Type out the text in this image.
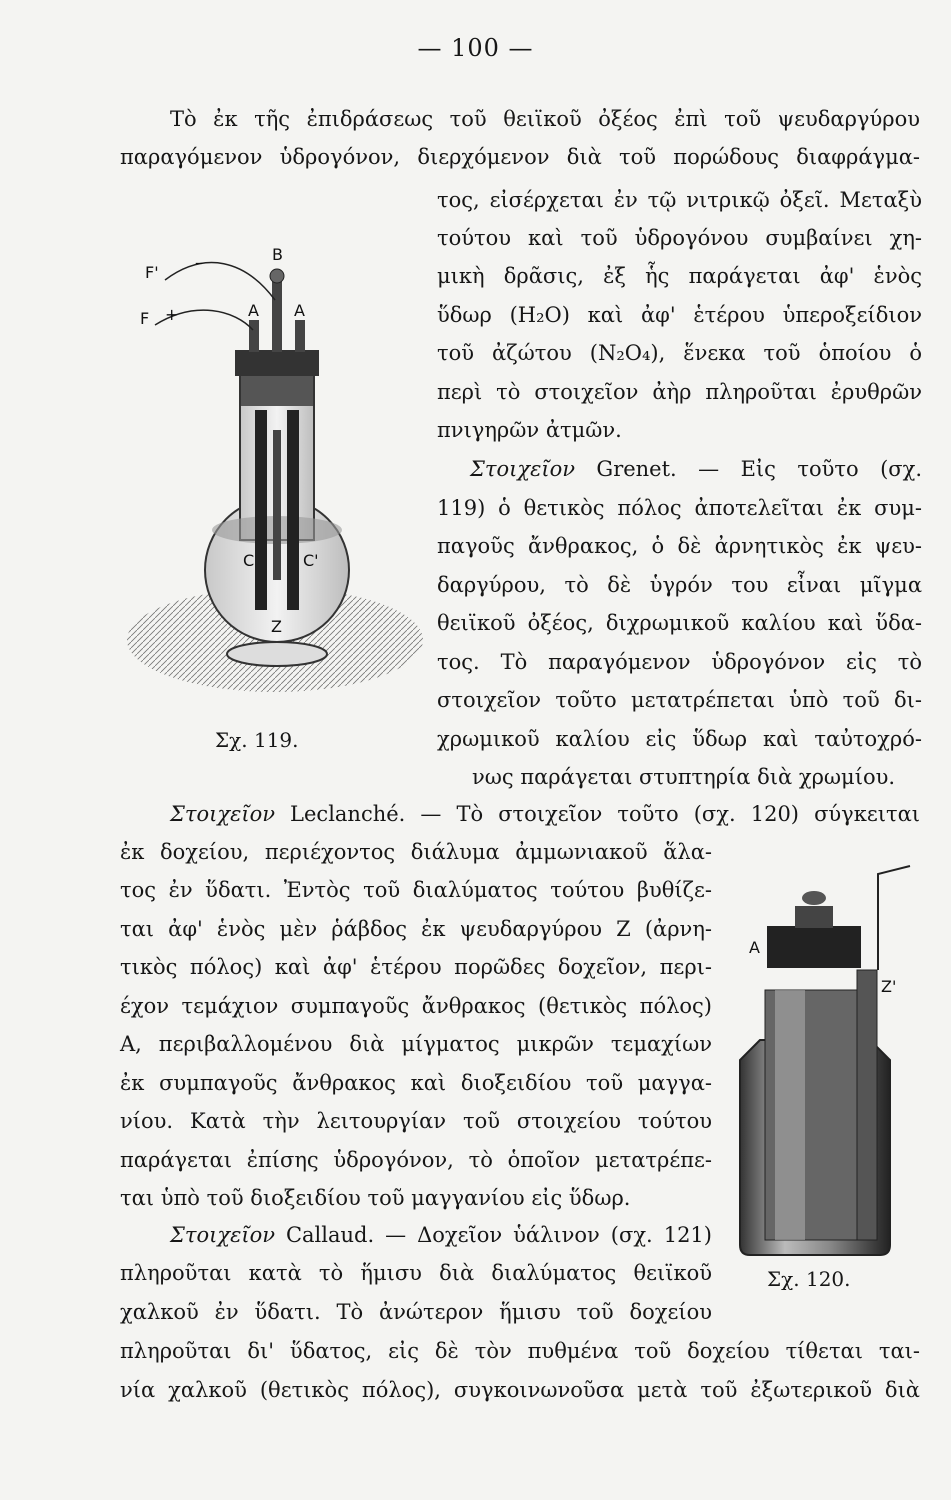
— 100 —
Τὸ ἐκ τῆς ἐπιδράσεως τοῦ θειϊκοῦ ὀξέος ἐπὶ τοῦ ψευδαργύρου
παραγόμενον ὑδρογόνον, διερχόμενον διὰ τοῦ πορώδους διαφράγμα-
τος, εἰσέρχεται ἐν τῷ νιτρικῷ ὀξεῖ. Μεταξὺ
τούτου καὶ τοῦ ὑδρογόνου συμβαίνει χη-
μικὴ δρᾶσις, ἐξ ἧς παράγεται ἀφ' ἑνὸς
ὕδωρ (H₂O) καὶ ἀφ' ἑτέρου ὑπεροξείδιον
τοῦ ἀζώτου (N₂O₄), ἕνεκα τοῦ ὁποίου ὁ
περὶ τὸ στοιχεῖον ἀὴρ πληροῦται ἐρυθρῶν
πνιγηρῶν ἀτμῶν.
Στοιχεῖον Grenet. — Εἰς τοῦτο (σχ.
119) ὁ θετικὸς πόλος ἀποτελεῖται ἐκ συμ-
παγοῦς ἄνθρακος, ὁ δὲ ἀρνητικὸς ἐκ ψευ-
δαργύρου, τὸ δὲ ὑγρόν του εἶναι μῖγμα
θειϊκοῦ ὀξέος, διχρωμικοῦ καλίου καὶ ὕδα-
τος. Τὸ παραγόμενον ὑδρογόνον εἰς τὸ
στοιχεῖον τοῦτο μετατρέπεται ὑπὸ τοῦ δι-
χρωμικοῦ καλίου εἰς ὕδωρ καὶ ταὐτοχρό-
νως παράγεται στυπτηρία διὰ χρωμίου.
Στοιχεῖον Leclanché. — Τὸ στοιχεῖον τοῦτο (σχ. 120) σύγκειται
ἐκ δοχείου, περιέχοντος διάλυμα ἀμμωνιακοῦ ἅλα-
τος ἐν ὕδατι. Ἐντὸς τοῦ διαλύματος τούτου βυθίζε-
ται ἀφ' ἑνὸς μὲν ῥάβδος ἐκ ψευδαργύρου Z (ἀρνη-
τικὸς πόλος) καὶ ἀφ' ἑτέρου πορῶδες δοχεῖον, περι-
έχον τεμάχιον συμπαγοῦς ἄνθρακος (θετικὸς πόλος)
A, περιβαλλομένου διὰ μίγματος μικρῶν τεμαχίων
ἐκ συμπαγοῦς ἄνθρακος καὶ διοξειδίου τοῦ μαγγα-
νίου. Κατὰ τὴν λειτουργίαν τοῦ στοιχείου τούτου
παράγεται ἐπίσης ὑδρογόνον, τὸ ὁποῖον μετατρέπε-
ται ὑπὸ τοῦ διοξειδίου τοῦ μαγγανίου εἰς ὕδωρ.
Στοιχεῖον Callaud. — Δοχεῖον ὑάλινον (σχ. 121)
πληροῦται κατὰ τὸ ἥμισυ διὰ διαλύματος θειϊκοῦ
χαλκοῦ ἐν ὕδατι. Τὸ ἀνώτερον ἥμισυ τοῦ δοχείου
πληροῦται δι' ὕδατος, εἰς δὲ τὸν πυθμένα τοῦ δοχείου τίθεται ται-
νία χαλκοῦ (θετικὸς πόλος), συγκοινωνοῦσα μετὰ τοῦ ἐξωτερικοῦ διὰ
F'
–
F +
B
A A
C	C'
Z
Σχ. 119.
A
Z'
Σχ. 120.
